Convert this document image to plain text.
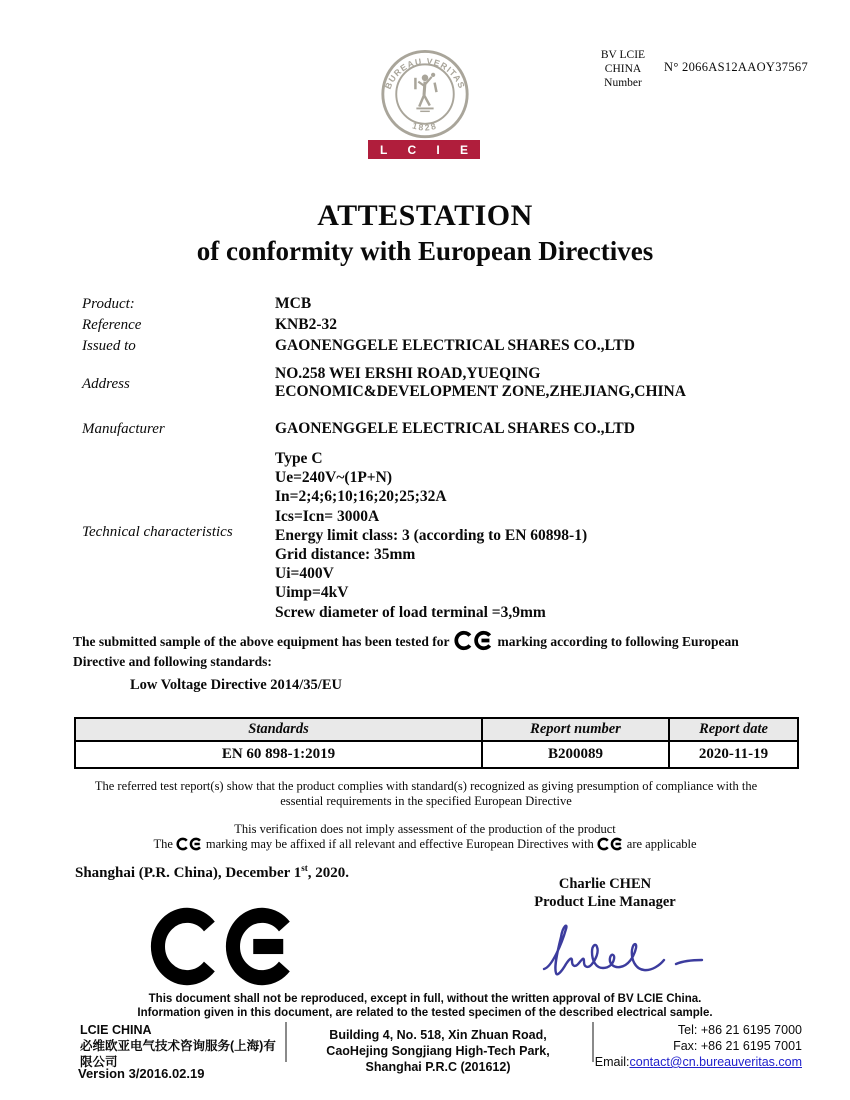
BV LCIE
CHINA
Number
N° 2066AS12AAOY37567
BUREAU VERITAS
1828
L C I E
ATTESTATION
of conformity with European Directives
Product:	MCB
Reference	KNB2-32
Issued to	GAONENGGELE ELECTRICAL SHARES CO.,LTD
Address
NO.258 WEI ERSHI ROAD,YUEQING
ECONOMIC&DEVELOPMENT ZONE,ZHEJIANG,CHINA
Manufacturer	GAONENGGELE ELECTRICAL SHARES CO.,LTD
Technical characteristics
Type C
Ue=240V~(1P+N)
In=2;4;6;10;16;20;25;32A
Ics=Icn= 3000A
Energy limit class: 3 (according to EN 60898-1)
Grid distance: 35mm
Ui=400V
Uimp=4kV
Screw diameter of load terminal =3,9mm
The submitted sample of the above equipment has been tested for	marking according to following European Directive and following standards:
Low Voltage Directive 2014/35/EU
Standards	Report number	Report date
EN 60 898-1:2019	B200089	2020-11-19
The referred test report(s) show that the product complies with standard(s) recognized as giving presumption of compliance with the essential requirements in the specified European Directive
This verification does not imply assessment of the production of the product
The	marking may be affixed if all relevant and effective European Directives with	are applicable
Shanghai (P.R. China), December 1st, 2020.
Charlie CHEN
Product Line Manager
This document shall not be reproduced, except in full, without the written approval of BV LCIE China.
Information given in this document, are related to the tested specimen of the described electrical sample.
LCIE CHINA
必维欧亚电气技术咨询服务(上海)有限公司
Building 4, No. 518, Xin Zhuan Road,
CaoHejing Songjiang High-Tech Park,
Shanghai P.R.C (201612)
Tel: +86 21 6195 7000
Fax: +86 21 6195 7001
Email:contact@cn.bureauveritas.com
Version 3/2016.02.19
